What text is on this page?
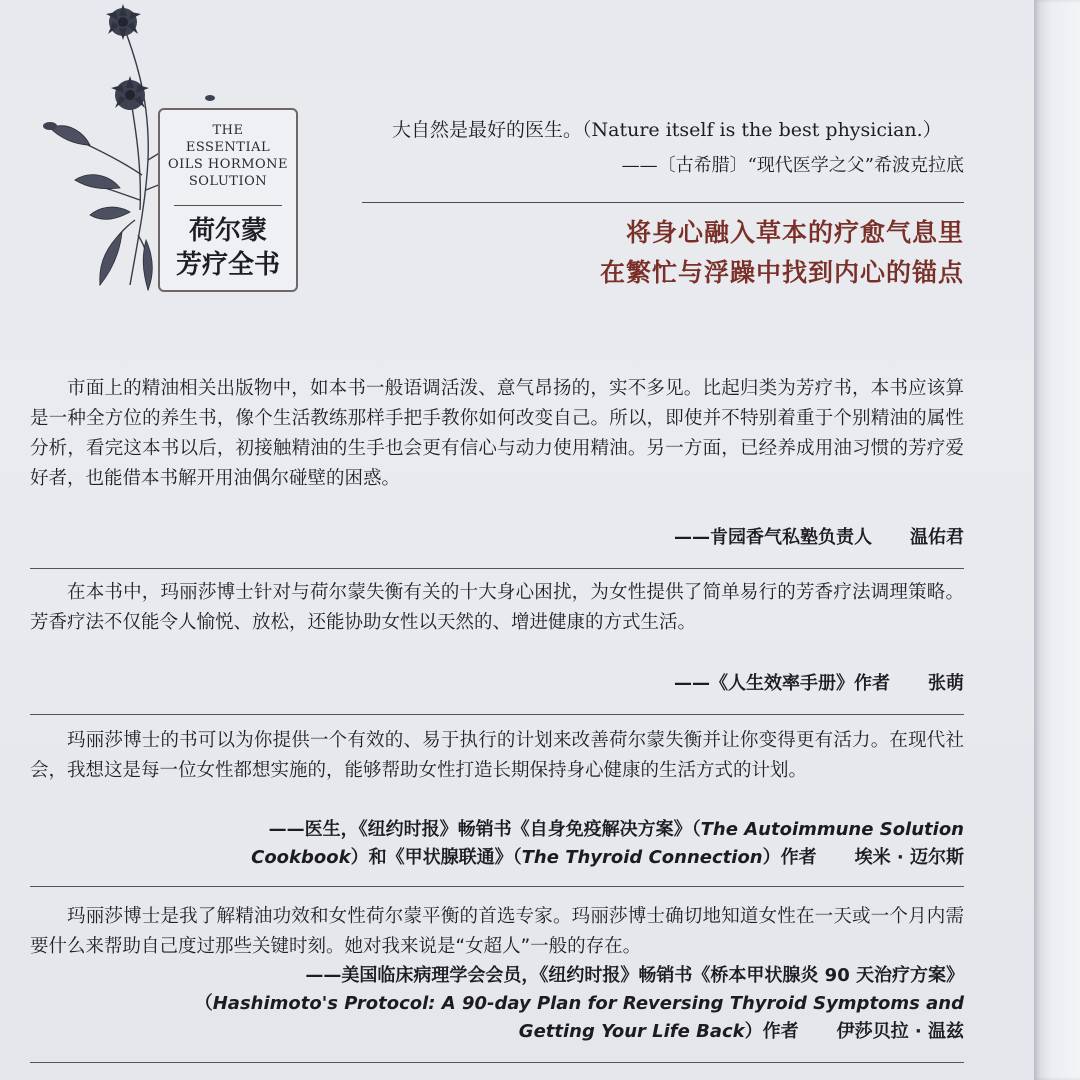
THE
ESSENTIAL
OILS HORMONE
SOLUTION
荷尔蒙
芳疗全书
大自然是最好的医生。（Nature itself is the best physician.）
——〔古希腊〕“现代医学之父”希波克拉底
将身心融入草本的疗愈气息里
在繁忙与浮躁中找到内心的锚点

市面上的精油相关出版物中，如本书一般语调活泼、意气昂扬的，实不多见。比起归类为芳疗书，本书应该算是一种全方位的养生书，像个生活教练那样手把手教你如何改变自己。所以，即使并不特别着重于个别精油的属性分析，看完这本书以后，初接触精油的生手也会更有信心与动力使用精油。另一方面，已经养成用油习惯的芳疗爱好者，也能借本书解开用油偶尔碰壁的困惑。

——肯园香气私塾负责人 温佑君

在本书中，玛丽莎博士针对与荷尔蒙失衡有关的十大身心困扰，为女性提供了简单易行的芳香疗法调理策略。芳香疗法不仅能令人愉悦、放松，还能协助女性以天然的、增进健康的方式生活。

——《人生效率手册》作者 张萌

玛丽莎博士的书可以为你提供一个有效的、易于执行的计划来改善荷尔蒙失衡并让你变得更有活力。在现代社会，我想这是每一位女性都想实施的，能够帮助女性打造长期保持身心健康的生活方式的计划。

——医生，《纽约时报》畅销书《自身免疫解决方案》（The Autoimmune Solution
Cookbook）和《甲状腺联通》（The Thyroid Connection）作者 埃米 · 迈尔斯

玛丽莎博士是我了解精油功效和女性荷尔蒙平衡的首选专家。玛丽莎博士确切地知道女性在一天或一个月内需要什么来帮助自己度过那些关键时刻。她对我来说是“女超人”一般的存在。

——美国临床病理学会会员，《纽约时报》畅销书《桥本甲状腺炎 90 天治疗方案》
（Hashimoto's Protocol: A 90-day Plan for Reversing Thyroid Symptoms and
Getting Your Life Back）作者 伊莎贝拉 · 温兹
